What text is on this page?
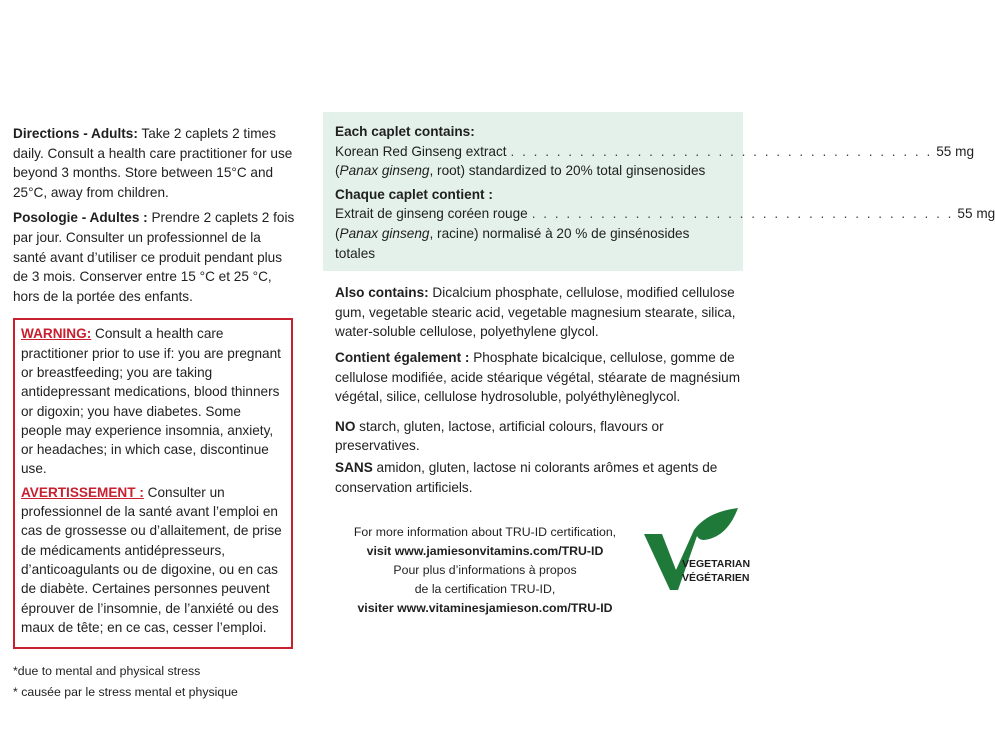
Directions - Adults: Take 2 caplets 2 times daily. Consult a health care practitioner for use beyond 3 months. Store between 15°C and 25°C, away from children.

Posologie - Adultes : Prendre 2 caplets 2 fois par jour. Consulter un professionnel de la santé avant d’utiliser ce produit pendant plus de 3 mois. Conserver entre 15 °C et 25 °C, hors de la portée des enfants.

WARNING: Consult a health care practitioner prior to use if: you are pregnant or breastfeeding; you are taking antidepressant medications, blood thinners or digoxin; you have diabetes. Some people may experience insomnia, anxiety, or headaches; in which case, discontinue use.

AVERTISSEMENT : Consulter un professionnel de la santé avant l’emploi en cas de grossesse ou d’allaitement, de prise de médicaments antidépresseurs, d’anticoagulants ou de digoxine, ou en cas de diabète. Certaines personnes peuvent éprouver de l’insomnie, de l’anxiété ou des maux de tête; en ce cas, cesser l’emploi.

*due to mental and physical stress
* causée par le stress mental et physique
Each caplet contains:
Korean Red Ginseng extract . . . . . . . . . . . . . . . . . . . . . . . . . . . . . . . . . . . . . 55 mg
(Panax ginseng, root) standardized to 20% total ginsenosides
Chaque caplet contient :
Extrait de ginseng coréen rouge . . . . . . . . . . . . . . . . . . . . . . . . . . . . . . . . . . . . . 55 mg
(Panax ginseng, racine) normalisé à 20 % de ginsénosides totales

Also contains: Dicalcium phosphate, cellulose, modified cellulose gum, vegetable stearic acid, vegetable magnesium stearate, silica, water-soluble cellulose, polyethylene glycol.

Contient également : Phosphate bicalcique, cellulose, gomme de cellulose modifiée, acide stéarique végétal, stéarate de magnésium végétal, silice, cellulose hydrosoluble, polyéthylèneglycol.

NO starch, gluten, lactose, artificial colours, flavours or preservatives.

SANS amidon, gluten, lactose ni colorants arômes et agents de conservation artificiels.

For more information about TRU-ID certification,
visit www.jamiesonvitamins.com/TRU-ID
Pour plus d’informations à propos
de la certification TRU-ID,
visiter www.vitaminesjamieson.com/TRU-ID
VEGETARIAN
VÉGÉTARIEN
